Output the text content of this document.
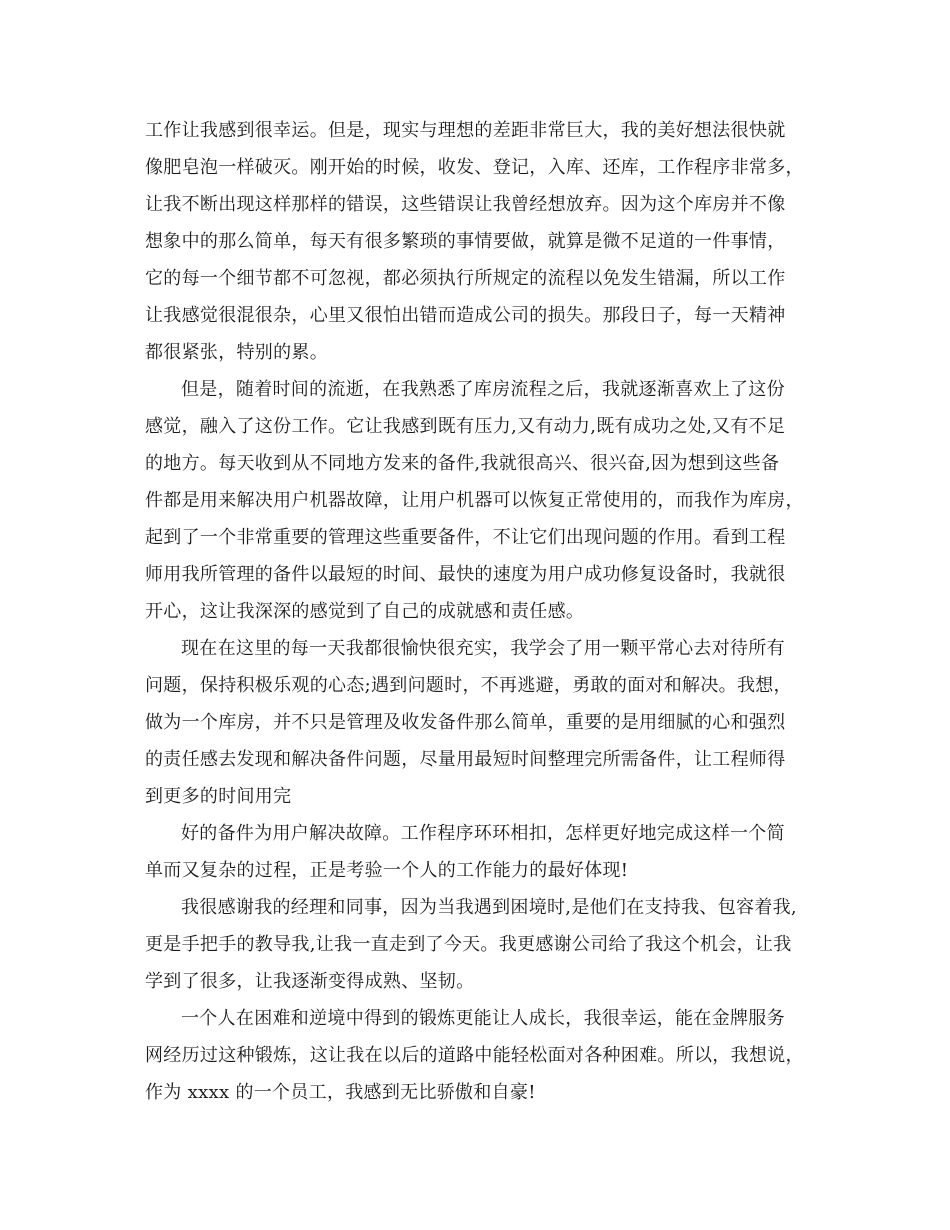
工作让我感到很幸运。但是，现实与理想的差距非常巨大，我的美好想法很快就
像肥皂泡一样破灭。刚开始的时候，收发、登记，入库、还库，工作程序非常多，
让我不断出现这样那样的错误，这些错误让我曾经想放弃。因为这个库房并不像
想象中的那么简单，每天有很多繁琐的事情要做，就算是微不足道的一件事情，
它的每一个细节都不可忽视，都必须执行所规定的流程以免发生错漏，所以工作
让我感觉很混很杂，心里又很怕出错而造成公司的损失。那段日子，每一天精神
都很紧张，特别的累。
但是，随着时间的流逝，在我熟悉了库房流程之后，我就逐渐喜欢上了这份
感觉，融入了这份工作。它让我感到既有压力,又有动力,既有成功之处,又有不足
的地方。每天收到从不同地方发来的备件,我就很高兴、很兴奋,因为想到这些备
件都是用来解决用户机器故障，让用户机器可以恢复正常使用的，而我作为库房，
起到了一个非常重要的管理这些重要备件，不让它们出现问题的作用。看到工程
师用我所管理的备件以最短的时间、最快的速度为用户成功修复设备时，我就很
开心，这让我深深的感觉到了自己的成就感和责任感。
现在在这里的每一天我都很愉快很充实，我学会了用一颗平常心去对待所有
问题，保持积极乐观的心态;遇到问题时，不再逃避，勇敢的面对和解决。我想，
做为一个库房，并不只是管理及收发备件那么简单，重要的是用细腻的心和强烈
的责任感去发现和解决备件问题，尽量用最短时间整理完所需备件，让工程师得
到更多的时间用完
好的备件为用户解决故障。工作程序环环相扣，怎样更好地完成这样一个简
单而又复杂的过程，正是考验一个人的工作能力的最好体现!
我很感谢我的经理和同事，因为当我遇到困境时,是他们在支持我、包容着我,
更是手把手的教导我,让我一直走到了今天。我更感谢公司给了我这个机会，让我
学到了很多，让我逐渐变得成熟、坚韧。
一个人在困难和逆境中得到的锻炼更能让人成长，我很幸运，能在金牌服务
网经历过这种锻炼，这让我在以后的道路中能轻松面对各种困难。所以，我想说，
作为 xxxx 的一个员工，我感到无比骄傲和自豪!
